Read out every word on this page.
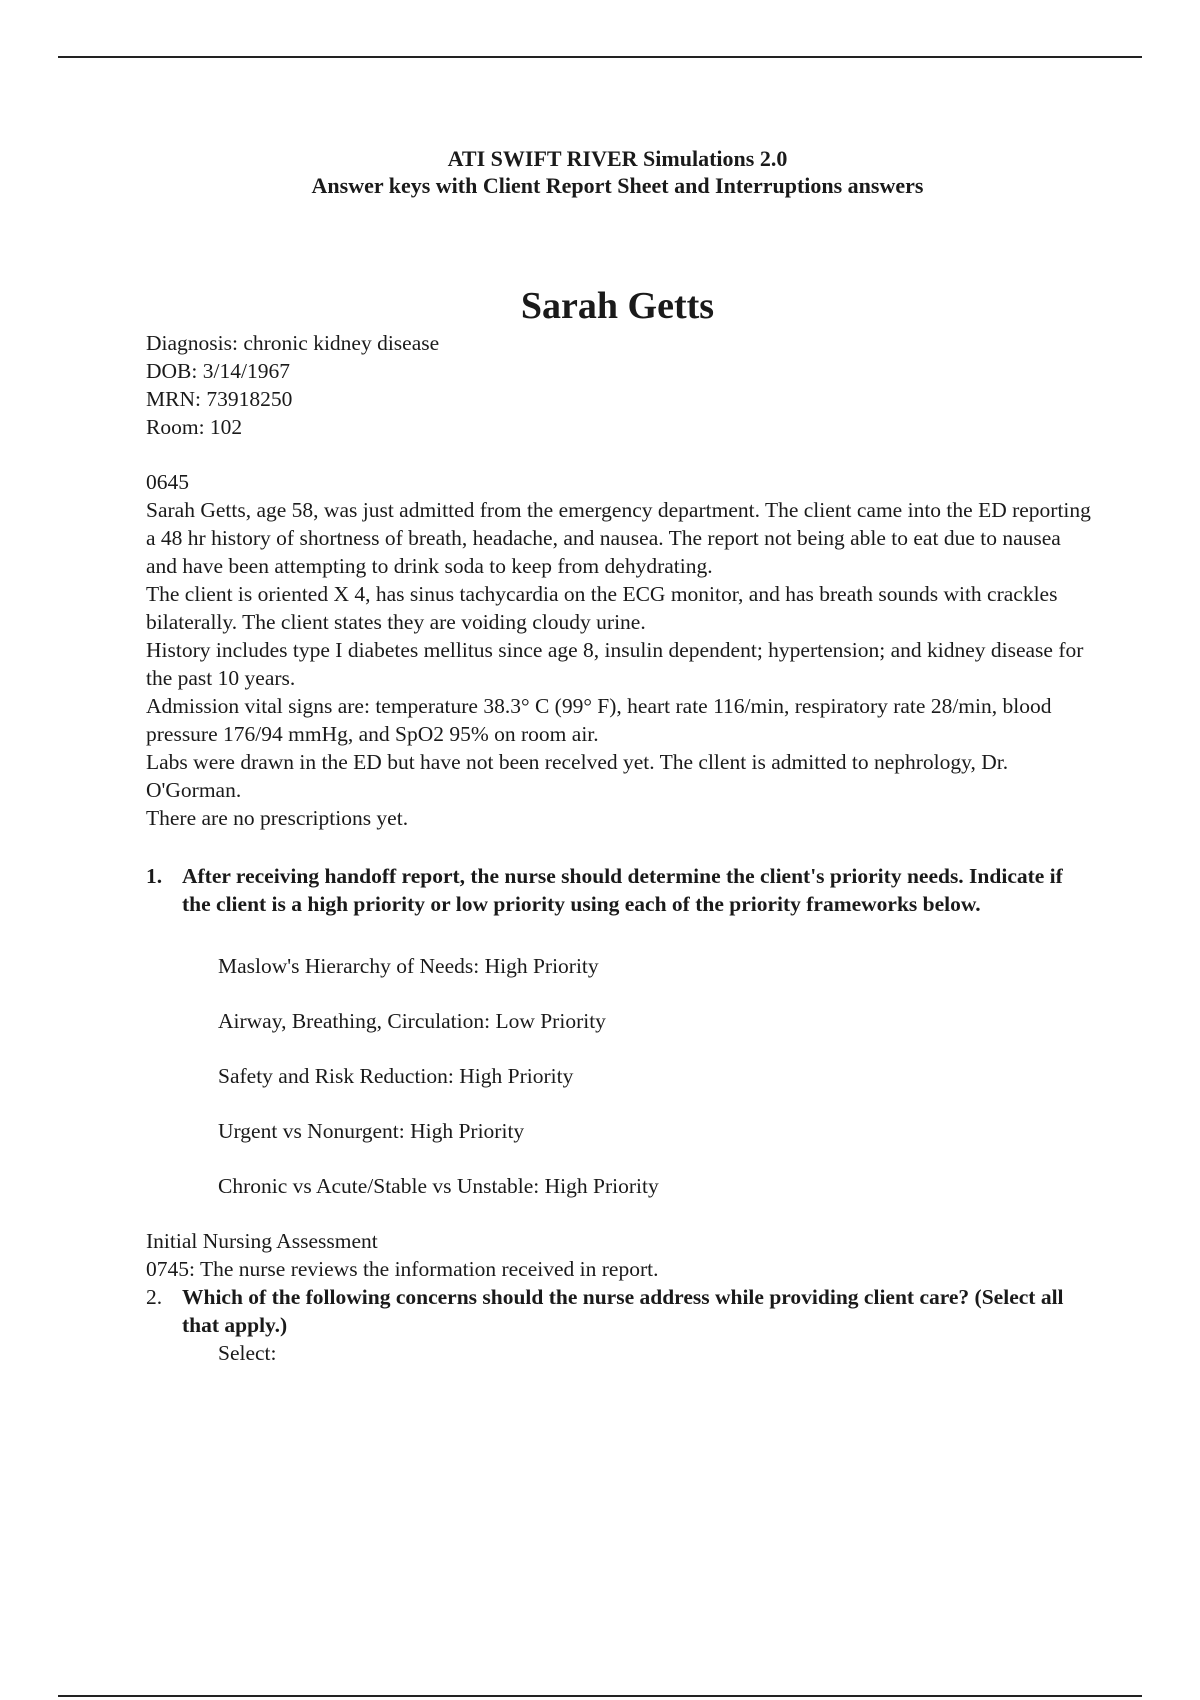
ATI SWIFT RIVER Simulations 2.0
Answer keys with Client Report Sheet and Interruptions answers
Sarah Getts

Diagnosis: chronic kidney disease

DOB: 3/14/1967

MRN: 73918250

Room: 102

0645

Sarah Getts, age 58, was just admitted from the emergency department. The client came into the ED reporting a 48 hr history of shortness of breath, headache, and nausea. The report not being able to eat due to nausea and have been attempting to drink soda to keep from dehydrating.

The client is oriented X 4, has sinus tachycardia on the ECG monitor, and has breath sounds with crackles bilaterally. The client states they are voiding cloudy urine.

History includes type I diabetes mellitus since age 8, insulin dependent; hypertension; and kidney disease for the past 10 years.

Admission vital signs are: temperature 38.3° C (99° F), heart rate 116/min, respiratory rate 28/min, blood pressure 176/94 mmHg, and SpO2 95% on room air.

Labs were drawn in the ED but have not been recelved yet. The cllent is admitted to nephrology, Dr. O'Gorman.

There are no prescriptions yet.

1. After receiving handoff report, the nurse should determine the client's priority needs. Indicate if the client is a high priority or low priority using each of the priority frameworks below.

Maslow's Hierarchy of Needs: High Priority

Airway, Breathing, Circulation: Low Priority

Safety and Risk Reduction: High Priority

Urgent vs Nonurgent: High Priority

Chronic vs Acute/Stable vs Unstable: High Priority

Initial Nursing Assessment

0745: The nurse reviews the information received in report.

2. Which of the following concerns should the nurse address while providing client care? (Select all that apply.)

Select:
